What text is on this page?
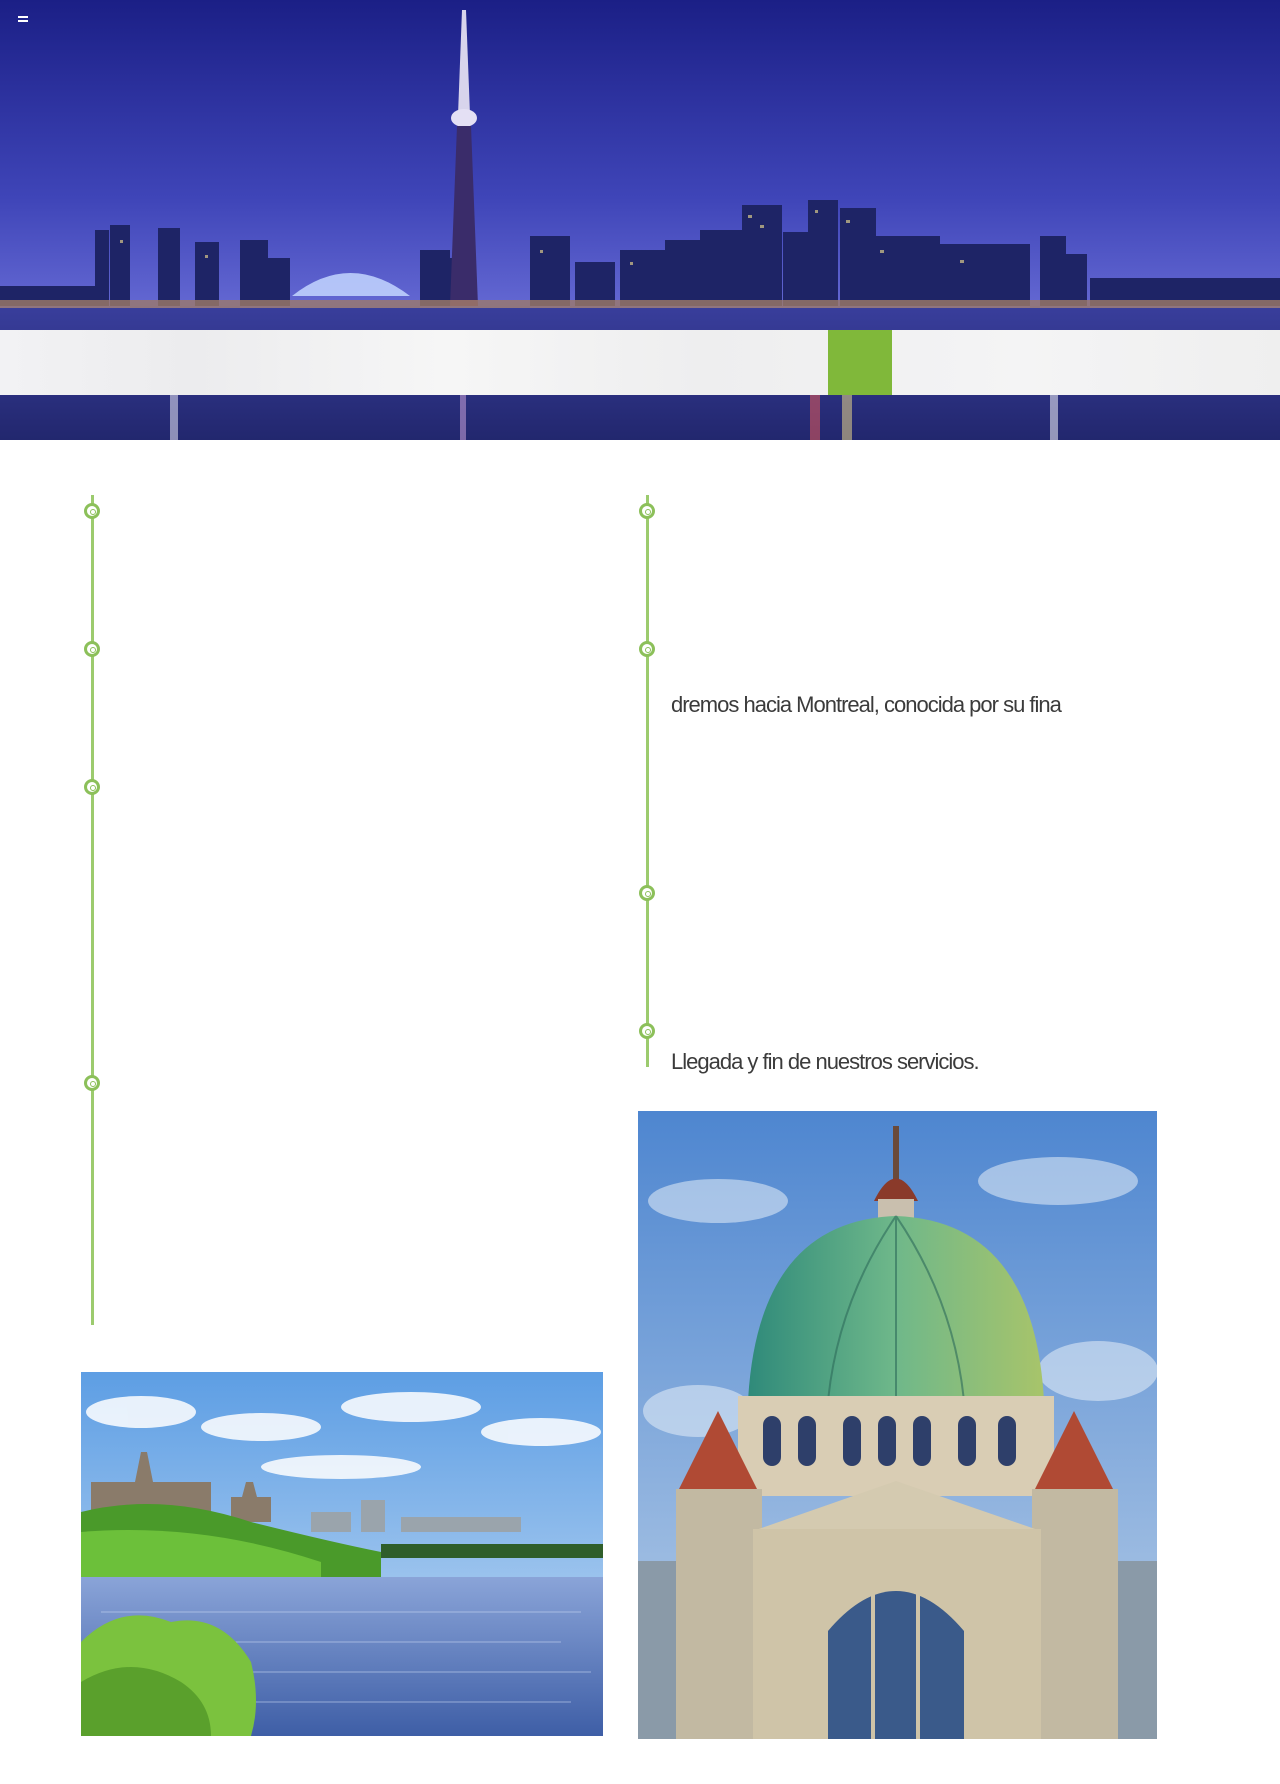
dremos hacia Montreal, conocida por su fina
Llegada y fin de nuestros servicios.
